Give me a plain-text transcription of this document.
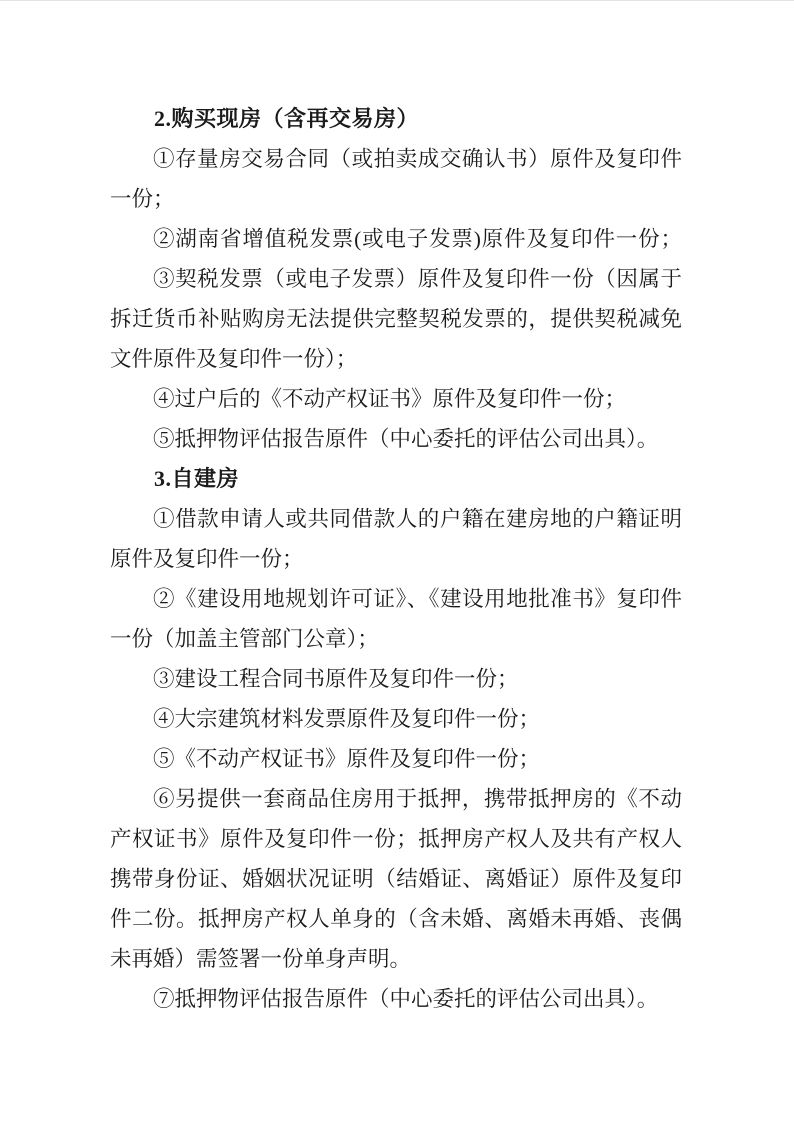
2.购买现房（含再交易房）

①存量房交易合同（或拍卖成交确认书）原件及复印件一份；

②湖南省增值税发票(或电子发票)原件及复印件一份；

③契税发票（或电子发票）原件及复印件一份（因属于拆迁货币补贴购房无法提供完整契税发票的，提供契税减免文件原件及复印件一份）；

④过户后的《不动产权证书》原件及复印件一份；

⑤抵押物评估报告原件（中心委托的评估公司出具）。

3.自建房

①借款申请人或共同借款人的户籍在建房地的户籍证明原件及复印件一份；

②《建设用地规划许可证》、《建设用地批准书》复印件一份（加盖主管部门公章）；

③建设工程合同书原件及复印件一份；

④大宗建筑材料发票原件及复印件一份；

⑤《不动产权证书》原件及复印件一份；

⑥另提供一套商品住房用于抵押，携带抵押房的《不动产权证书》原件及复印件一份；抵押房产权人及共有产权人携带身份证、婚姻状况证明（结婚证、离婚证）原件及复印件二份。抵押房产权人单身的（含未婚、离婚未再婚、丧偶未再婚）需签署一份单身声明。

⑦抵押物评估报告原件（中心委托的评估公司出具）。
